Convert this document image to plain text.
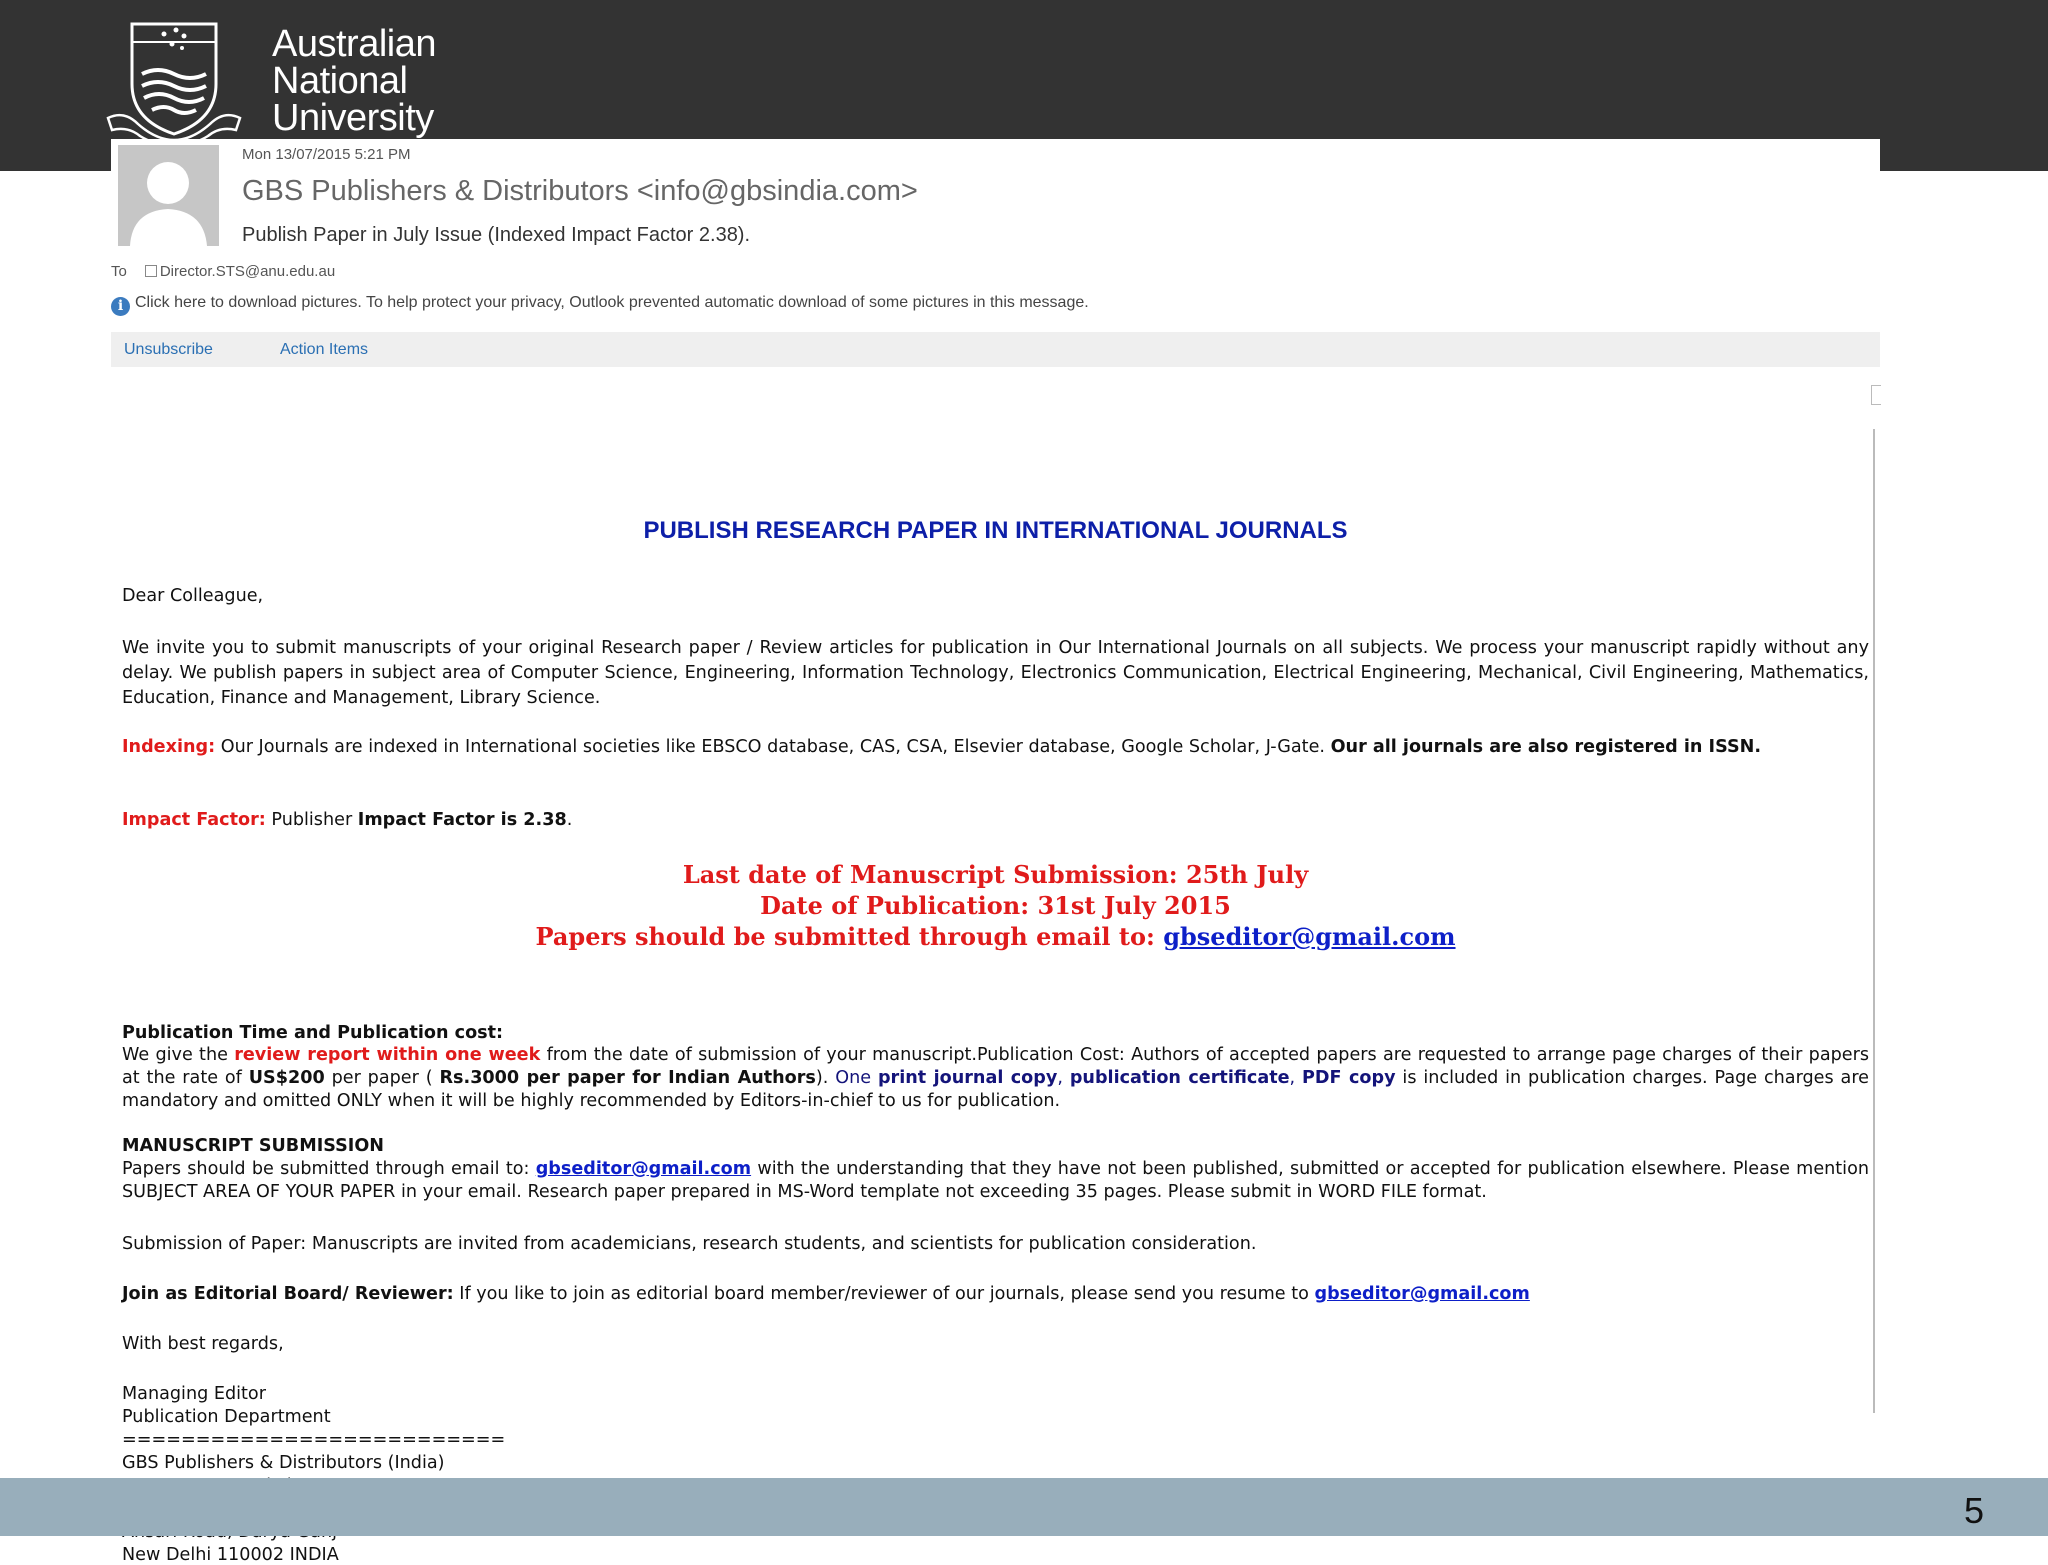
Australian
National
University
Mon 13/07/2015 5:21 PM
GBS Publishers & Distributors <info@gbsindia.com>
Publish Paper in July Issue (Indexed Impact Factor 2.38).
To Director.STS@anu.edu.au
i Click here to download pictures. To help protect your privacy, Outlook prevented automatic download of some pictures in this message.
Unsubscribe	Action Items
PUBLISH RESEARCH PAPER IN INTERNATIONAL JOURNALS
Dear Colleague,
We invite you to submit manuscripts of your original Research paper / Review articles for publication in Our International Journals on all subjects. We process your manuscript rapidly without any delay. We publish papers in subject area of Computer Science, Engineering, Information Technology, Electronics Communication, Electrical Engineering, Mechanical, Civil Engineering, Mathematics, Education, Finance and Management, Library Science.
Indexing: Our Journals are indexed in International societies like EBSCO database, CAS, CSA, Elsevier database, Google Scholar, J-Gate. Our all journals are also registered in ISSN.
Impact Factor: Publisher Impact Factor is 2.38.
Last date of Manuscript Submission: 25th July
Date of Publication: 31st July 2015
Papers should be submitted through email to: gbseditor@gmail.com
Publication Time and Publication cost:
We give the review report within one week from the date of submission of your manuscript.Publication Cost: Authors of accepted papers are requested to arrange page charges of their papers at the rate of US$200 per paper ( Rs.3000 per paper for Indian Authors). One print journal copy, publication certificate, PDF copy is included in publication charges. Page charges are mandatory and omitted ONLY when it will be highly recommended by Editors-in-chief to us for publication.
MANUSCRIPT SUBMISSION
Papers should be submitted through email to: gbseditor@gmail.com with the understanding that they have not been published, submitted or accepted for publication elsewhere. Please mention SUBJECT AREA OF YOUR PAPER in your email. Research paper prepared in MS-Word template not exceeding 35 pages. Please submit in WORD FILE format.
Submission of Paper: Manuscripts are invited from academicians, research students, and scientists for publication consideration.
Join as Editorial Board/ Reviewer: If you like to join as editorial board member/reviewer of our journals, please send you resume to gbseditor@gmail.com
With best regards,
Managing Editor
Publication Department
==========================
GBS Publishers & Distributors (India)
New Delhi 110002 INDIA
5
